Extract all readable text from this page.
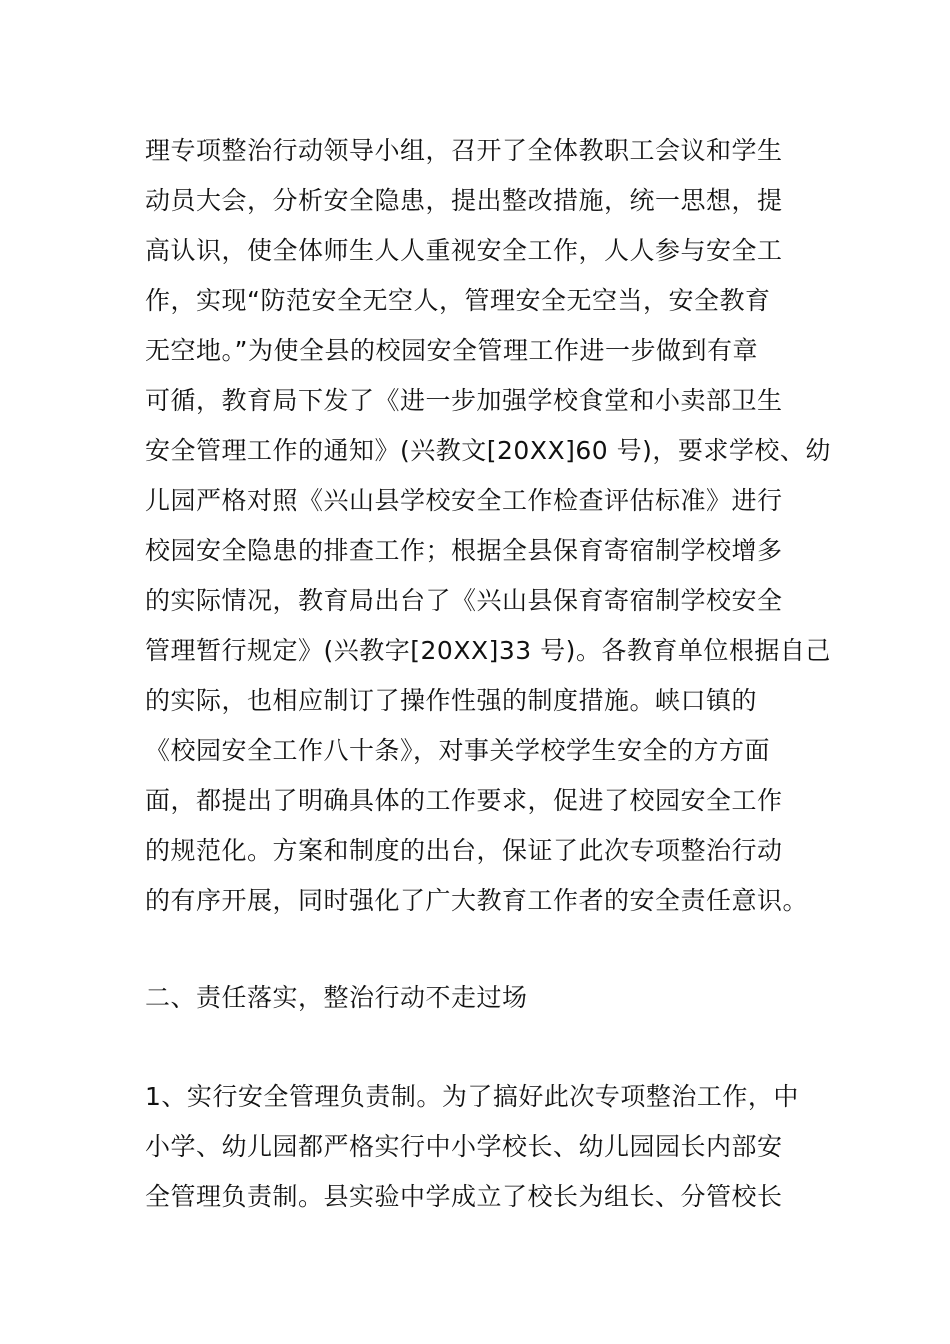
理专项整治行动领导小组，召开了全体教职工会议和学生
动员大会，分析安全隐患，提出整改措施，统一思想，提
高认识，使全体师生人人重视安全工作，人人参与安全工
作，实现“防范安全无空人，管理安全无空当，安全教育
无空地。”为使全县的校园安全管理工作进一步做到有章
可循，教育局下发了《进一步加强学校食堂和小卖部卫生
安全管理工作的通知》(兴教文[20XX]60 号)，要求学校、幼
儿园严格对照《兴山县学校安全工作检查评估标准》进行
校园安全隐患的排查工作；根据全县保育寄宿制学校增多
的实际情况，教育局出台了《兴山县保育寄宿制学校安全
管理暂行规定》(兴教字[20XX]33 号)。各教育单位根据自己
的实际，也相应制订了操作性强的制度措施。峡口镇的
《校园安全工作八十条》，对事关学校学生安全的方方面
面，都提出了明确具体的工作要求，促进了校园安全工作
的规范化。方案和制度的出台，保证了此次专项整治行动
的有序开展，同时强化了广大教育工作者的安全责任意识。
二、责任落实，整治行动不走过场
1、实行安全管理负责制。为了搞好此次专项整治工作，中
小学、幼儿园都严格实行中小学校长、幼儿园园长内部安
全管理负责制。县实验中学成立了校长为组长、分管校长
